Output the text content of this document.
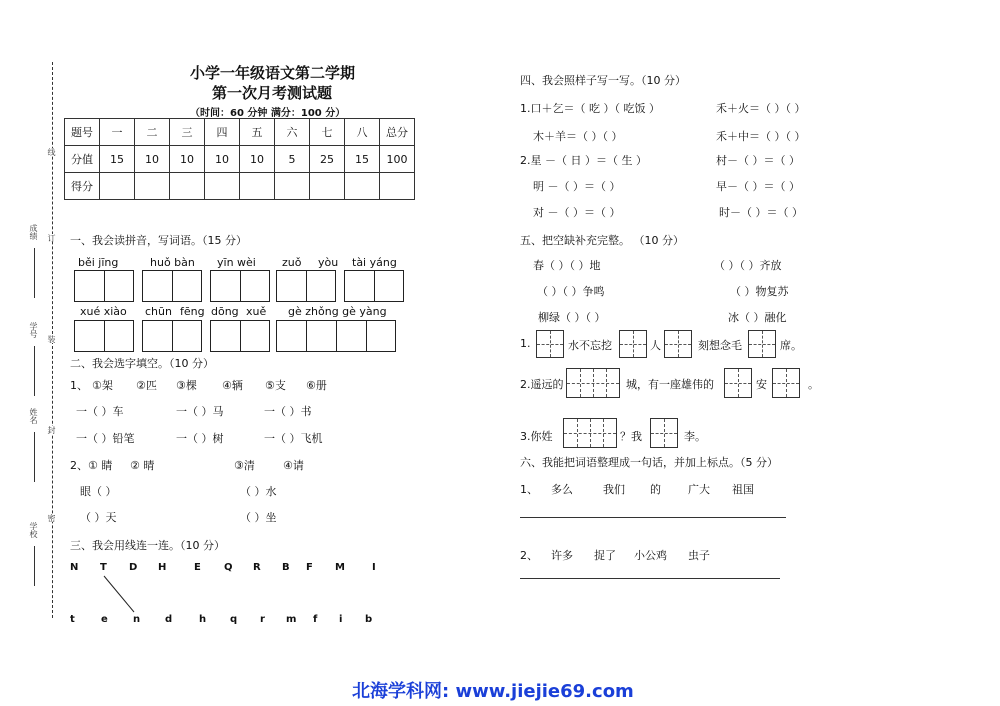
成绩
学号
姓名
学校
线
订
装
封
密
小学一年级语文第二学期
第一次月考测试题
（时间：60 分钟 满分：100 分）
题号	一	二	三	四	五	六	七	八	总分
分值	15	10	10	10	10	5	25	15	100
得分									
一、我会读拼音，写词语。（15 分）
běi jīng	huǒ bàn yīn wèi zuǒ yòu tài yáng
xué xiào chūn fēng dōng xuě gè zhǒng gè yàng
二、我会选字填空。（10 分）
1、 ①架 ②匹 ③棵 ④辆 ⑤支 ⑥册
一（ ）车	一（ ）马	一（ ）书
一（ ）铅笔	一（ ）树	一（ ）飞机
2、① 睛 ② 晴	③清	④请
眼（ ）	（ ）水
（ ）天	（ ）坐
三、我会用线连一连。（10 分）
N T D H	E Q R B F M	I
t	e	n d	h q r m f i b
四、我会照样子写一写。（10 分）
1.口＋乞＝（ 吃 ）（ 吃饭 ）	禾＋火＝（ ）（ ）
木＋羊＝（ ）（ ）	禾＋中＝（ ）（ ）
2.星 －（ 日 ）＝（ 生 ）	村－（ ）＝（ ）
明 －（ ）＝（ ）	早－（ ）＝（ ）
对 －（ ）＝（ ）	时－（ ）＝（ ）
五、把空缺补充完整。 （10 分）
春（ ）（ ）地	（ ）（ ）齐放
（ ）（ ）争鸣	（ ）物复苏
柳绿（ ）（ ）	冰（ ）融化
1.	水不忘挖	人	刻想念毛	席。
2.遥远的	城，有一座雄伟的	安	。
3.你姓	？我	李。
六、我能把词语整理成一句话，并加上标点。（5 分）
1、 多么	我们 的 广大 祖国
2、 许多 捉了 小公鸡 虫子
北海学科网: www.jiejie69.com
